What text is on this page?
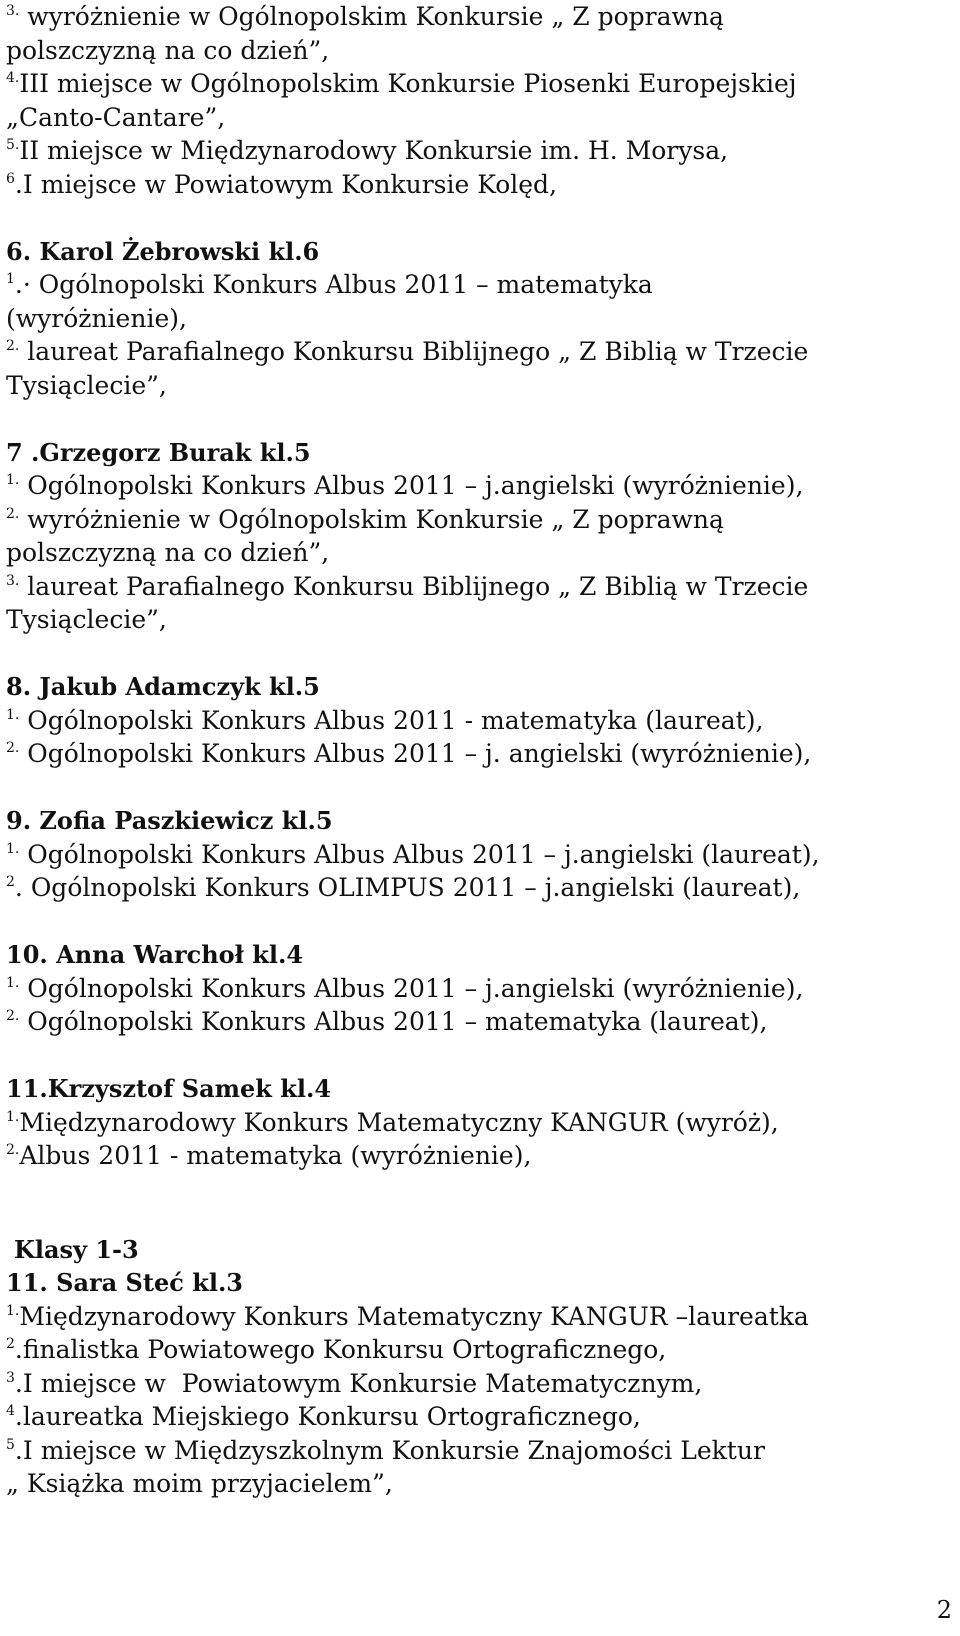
$^{3.}$ wyróżnienie w Ogólnopolskim Konkursie „ Z poprawną
polszczyzną na co dzień”,
$^{4.}$III miejsce w Ogólnopolskim Konkursie Piosenki Europejskiej
„Canto-Cantare”,
$^{5.}$II miejsce w Międzynarodowy Konkursie im. H. Morysa,
$^6$.I miejsce w Powiatowym Konkursie Kolęd,
6. Karol Żebrowski kl.6
$^1$.· Ogólnopolski Konkurs Albus 2011 – matematyka
(wyróżnienie),
$^{2.}$ laureat Parafialnego Konkursu Biblijnego „ Z Biblią w Trzecie
Tysiąclecie”,
7 .Grzegorz Burak kl.5
$^{1.}$ Ogólnopolski Konkurs Albus 2011 – j.angielski (wyróżnienie),
$^{2.}$ wyróżnienie w Ogólnopolskim Konkursie „ Z poprawną
polszczyzną na co dzień”,
$^{3.}$ laureat Parafialnego Konkursu Biblijnego „ Z Biblią w Trzecie
Tysiąclecie”,
8. Jakub Adamczyk kl.5
$^{1.}$ Ogólnopolski Konkurs Albus 2011 - matematyka (laureat),
$^{2.}$ Ogólnopolski Konkurs Albus 2011 – j. angielski (wyróżnienie),
9. Zofia Paszkiewicz kl.5
$^{1.}$ Ogólnopolski Konkurs Albus Albus 2011 – j.angielski (laureat),
$^2$. Ogólnopolski Konkurs OLIMPUS 2011 – j.angielski (laureat),
10. Anna Warchoł kl.4
$^{1.}$ Ogólnopolski Konkurs Albus 2011 – j.angielski (wyróżnienie),
$^{2.}$ Ogólnopolski Konkurs Albus 2011 – matematyka (laureat),
11.Krzysztof Samek kl.4
$^{1.}$Międzynarodowy Konkurs Matematyczny KANGUR (wyróż),
$^{2.}$Albus 2011 - matematyka (wyróżnienie),
Klasy 1-3
11. Sara Steć kl.3
$^{1.}$Międzynarodowy Konkurs Matematyczny KANGUR –laureatka
$^2$.finalistka Powiatowego Konkursu Ortograficznego,
$^3$.I miejsce w  Powiatowym Konkursie Matematycznym,
$^4$.laureatka Miejskiego Konkursu Ortograficznego,
$^5$.I miejsce w Międzyszkolnym Konkursie Znajomości Lektur
„ Książka moim przyjacielem”,
2
